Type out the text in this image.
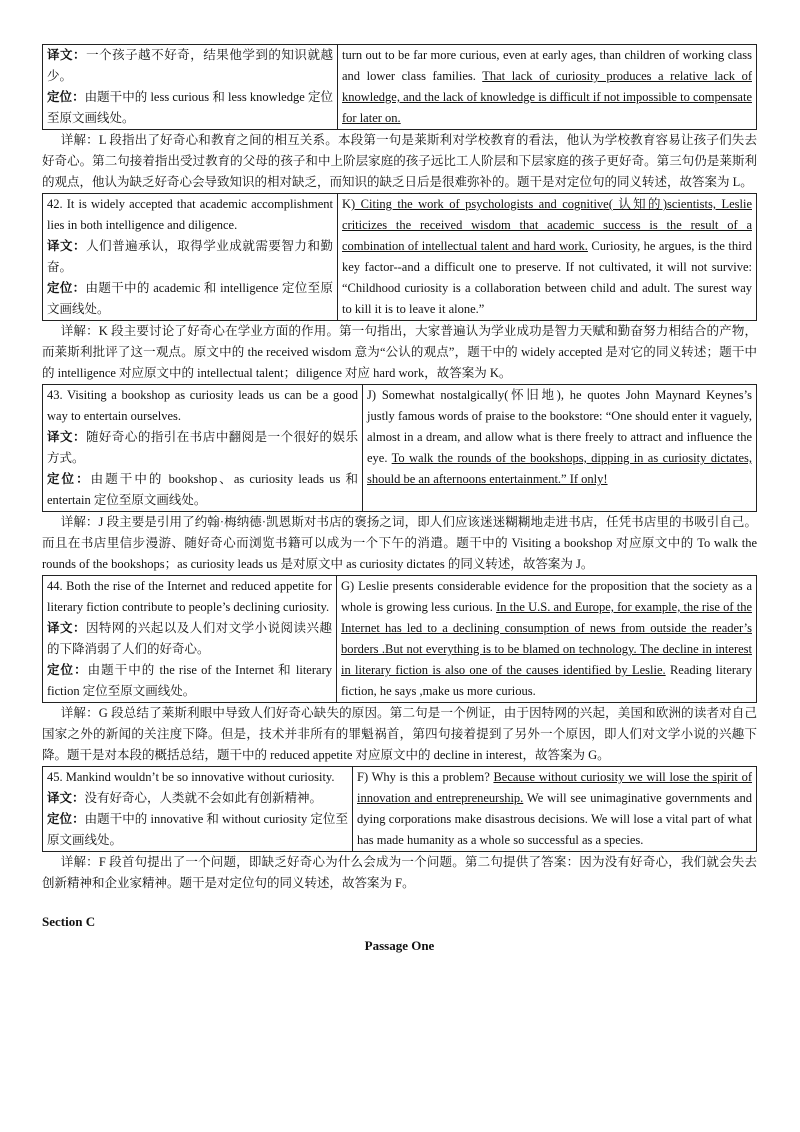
译文：一个孩子越不好奇，结果他学到的知识就越少。
定位：由题干中的 less curious 和 less knowledge 定位至原文画线处。	turn out to be far more curious, even at early ages, than children of working class and lower class families. That lack of curiosity produces a relative lack of knowledge, and the lack of knowledge is difficult if not impossible to compensate for later on.

详解：L 段指出了好奇心和教育之间的相互关系。本段第一句是莱斯利对学校教育的看法，他认为学校教育容易让孩子们失去好奇心。第二句接着指出受过教育的父母的孩子和中上阶层家庭的孩子远比工人阶层和下层家庭的孩子更好奇。第三句仍是莱斯利的观点，他认为缺乏好奇心会导致知识的相对缺乏，而知识的缺乏日后是很难弥补的。题干是对定位句的同义转述，故答案为 L。

42. It is widely accepted that academic accomplishment lies in both intelligence and diligence.
译文：人们普遍承认，取得学业成就需要智力和勤奋。
定位：由题干中的 academic 和 intelligence 定位至原文画线处。	K) Citing the work of psychologists and cognitive( 认知的)scientists, Leslie criticizes the received wisdom that academic success is the result of a combination of intellectual talent and hard work. Curiosity, he argues, is the third key factor--and a difficult one to preserve. If not cultivated, it will not survive: “Childhood curiosity is a collaboration between child and adult. The surest way to kill it is to leave it alone.”

详解：K 段主要讨论了好奇心在学业方面的作用。第一句指出，大家普遍认为学业成功是智力天赋和勤奋努力相结合的产物，而莱斯利批评了这一观点。原文中的 the received wisdom 意为“公认的观点”，题干中的 widely accepted 是对它的同义转述；题干中的 intelligence 对应原文中的 intellectual talent；diligence 对应 hard work，故答案为 K。

43. Visiting a bookshop as curiosity leads us can be a good way to entertain ourselves.
译文：随好奇心的指引在书店中翻阅是一个很好的娱乐方式。
定位：由题干中的 bookshop、as curiosity leads us 和 entertain 定位至原文画线处。	J) Somewhat nostalgically(怀旧地), he quotes John Maynard Keynes’s justly famous words of praise to the bookstore: “One should enter it vaguely, almost in a dream, and allow what is there freely to attract and influence the eye. To walk the rounds of the bookshops, dipping in as curiosity dictates, should be an afternoons entertainment.” If only!

详解：J 段主要是引用了约翰·梅纳德·凯恩斯对书店的褒扬之词，即人们应该迷迷糊糊地走进书店，任凭书店里的书吸引自己。而且在书店里信步漫游、随好奇心而浏览书籍可以成为一个下午的消遣。题干中的 Visiting a bookshop 对应原文中的 To walk the rounds of the bookshops；as curiosity leads us 是对原文中 as curiosity dictates 的同义转述，故答案为 J。

44. Both the rise of the Internet and reduced appetite for literary fiction contribute to people’s declining curiosity.
译文：因特网的兴起以及人们对文学小说阅读兴趣的下降消弱了人们的好奇心。
定位：由题干中的 the rise of the Internet 和 literary fiction 定位至原文画线处。	G) Leslie presents considerable evidence for the proposition that the society as a whole is growing less curious. In the U.S. and Europe, for example, the rise of the Internet has led to a declining consumption of news from outside the reader’s borders .But not everything is to be blamed on technology. The decline in interest in literary fiction is also one of the causes identified by Leslie. Reading literary fiction, he says ,make us more curious.

详解：G 段总结了莱斯利眼中导致人们好奇心缺失的原因。第二句是一个例证，由于因特网的兴起，美国和欧洲的读者对自己国家之外的新闻的关注度下降。但是，技术并非所有的罪魁祸首，第四句接着提到了另外一个原因，即人们对文学小说的兴趣下降。题干是对本段的概括总结，题干中的 reduced appetite 对应原文中的 decline in interest，故答案为 G。

45. Mankind wouldn’t be so innovative without curiosity.
译文：没有好奇心，人类就不会如此有创新精神。
定位：由题干中的 innovative 和 without curiosity 定位至原文画线处。	F) Why is this a problem? Because without curiosity we will lose the spirit of innovation and entrepreneurship. We will see unimaginative governments and dying corporations make disastrous decisions. We will lose a vital part of what has made humanity as a whole so successful as a species.

详解：F 段首句提出了一个问题，即缺乏好奇心为什么会成为一个问题。第二句提供了答案：因为没有好奇心，我们就会失去创新精神和企业家精神。题干是对定位句的同义转述，故答案为 F。

Section C
Passage One
